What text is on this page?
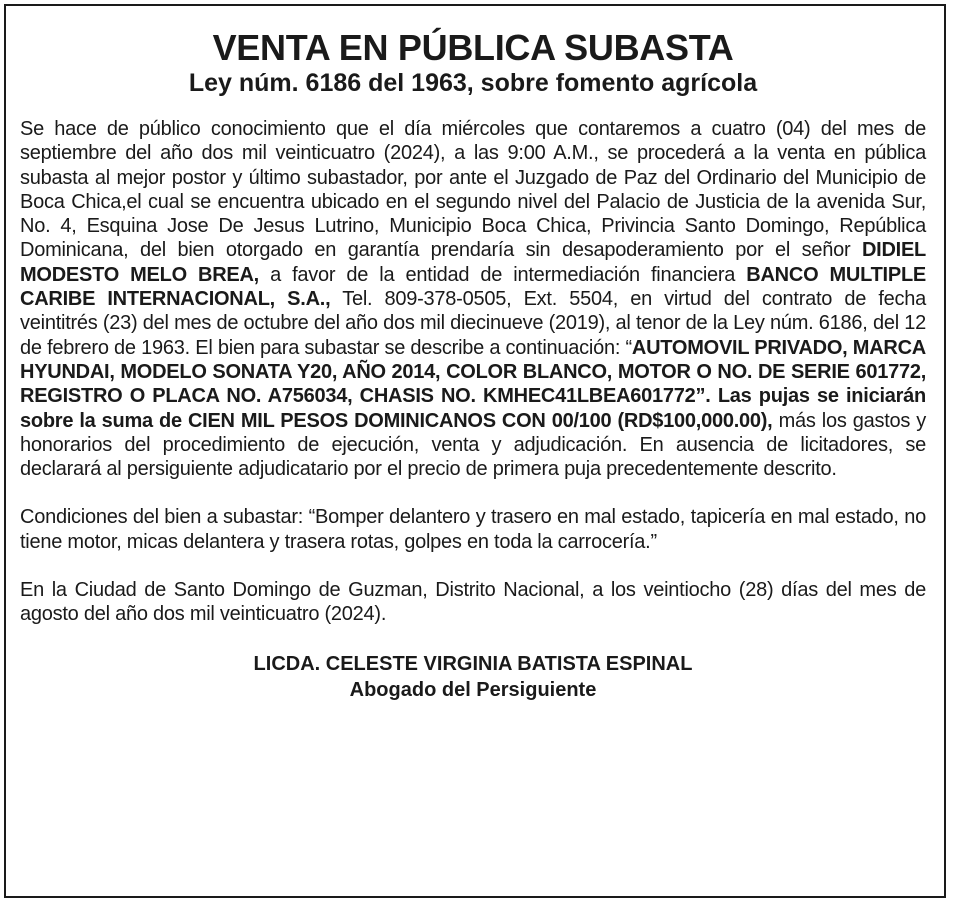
VENTA EN PÚBLICA SUBASTA
Ley núm. 6186 del 1963, sobre fomento agrícola

Se hace de público conocimiento que el día miércoles que contaremos a cuatro (04) del mes de septiembre del año dos mil veinticuatro (2024), a las 9:00 A.M., se procederá a la venta en pública subasta al mejor postor y último subastador, por ante el Juzgado de Paz del Ordinario del Municipio de Boca Chica,el cual se encuentra ubicado en el segundo nivel del Palacio de Justicia de la avenida Sur, No. 4, Esquina Jose De Jesus Lutrino, Municipio Boca Chica, Privincia Santo Domingo, República Dominicana, del bien otorgado en garantía prendaría sin desapoderamiento por el señor DIDIEL MODESTO MELO BREA, a favor de la entidad de intermediación financiera BANCO MULTIPLE CARIBE INTERNACIONAL, S.A., Tel. 809-378-0505, Ext. 5504, en virtud del contrato de fecha veintitrés (23) del mes de octubre del año dos mil diecinueve (2019), al tenor de la Ley núm. 6186, del 12 de febrero de 1963. El bien para subastar se describe a continuación: “AUTOMOVIL PRIVADO, MARCA HYUNDAI, MODELO SONATA Y20, AÑO 2014, COLOR BLANCO, MOTOR O NO. DE SERIE 601772, REGISTRO O PLACA NO. A756034, CHASIS NO. KMHEC41LBEA601772”. Las pujas se iniciarán sobre la suma de CIEN MIL PESOS DOMINICANOS CON 00/100 (RD$100,000.00), más los gastos y honorarios del procedimiento de ejecución, venta y adjudicación. En ausencia de licitadores, se declarará al persiguiente adjudicatario por el precio de primera puja precedentemente descrito.

Condiciones del bien a subastar: “Bomper delantero y trasero en mal estado, tapicería en mal estado, no tiene motor, micas delantera y trasera rotas, golpes en toda la carrocería.”

En la Ciudad de Santo Domingo de Guzman, Distrito Nacional, a los veintiocho (28) días del mes de agosto del año dos mil veinticuatro (2024).

LICDA. CELESTE VIRGINIA BATISTA ESPINAL
Abogado del Persiguiente
